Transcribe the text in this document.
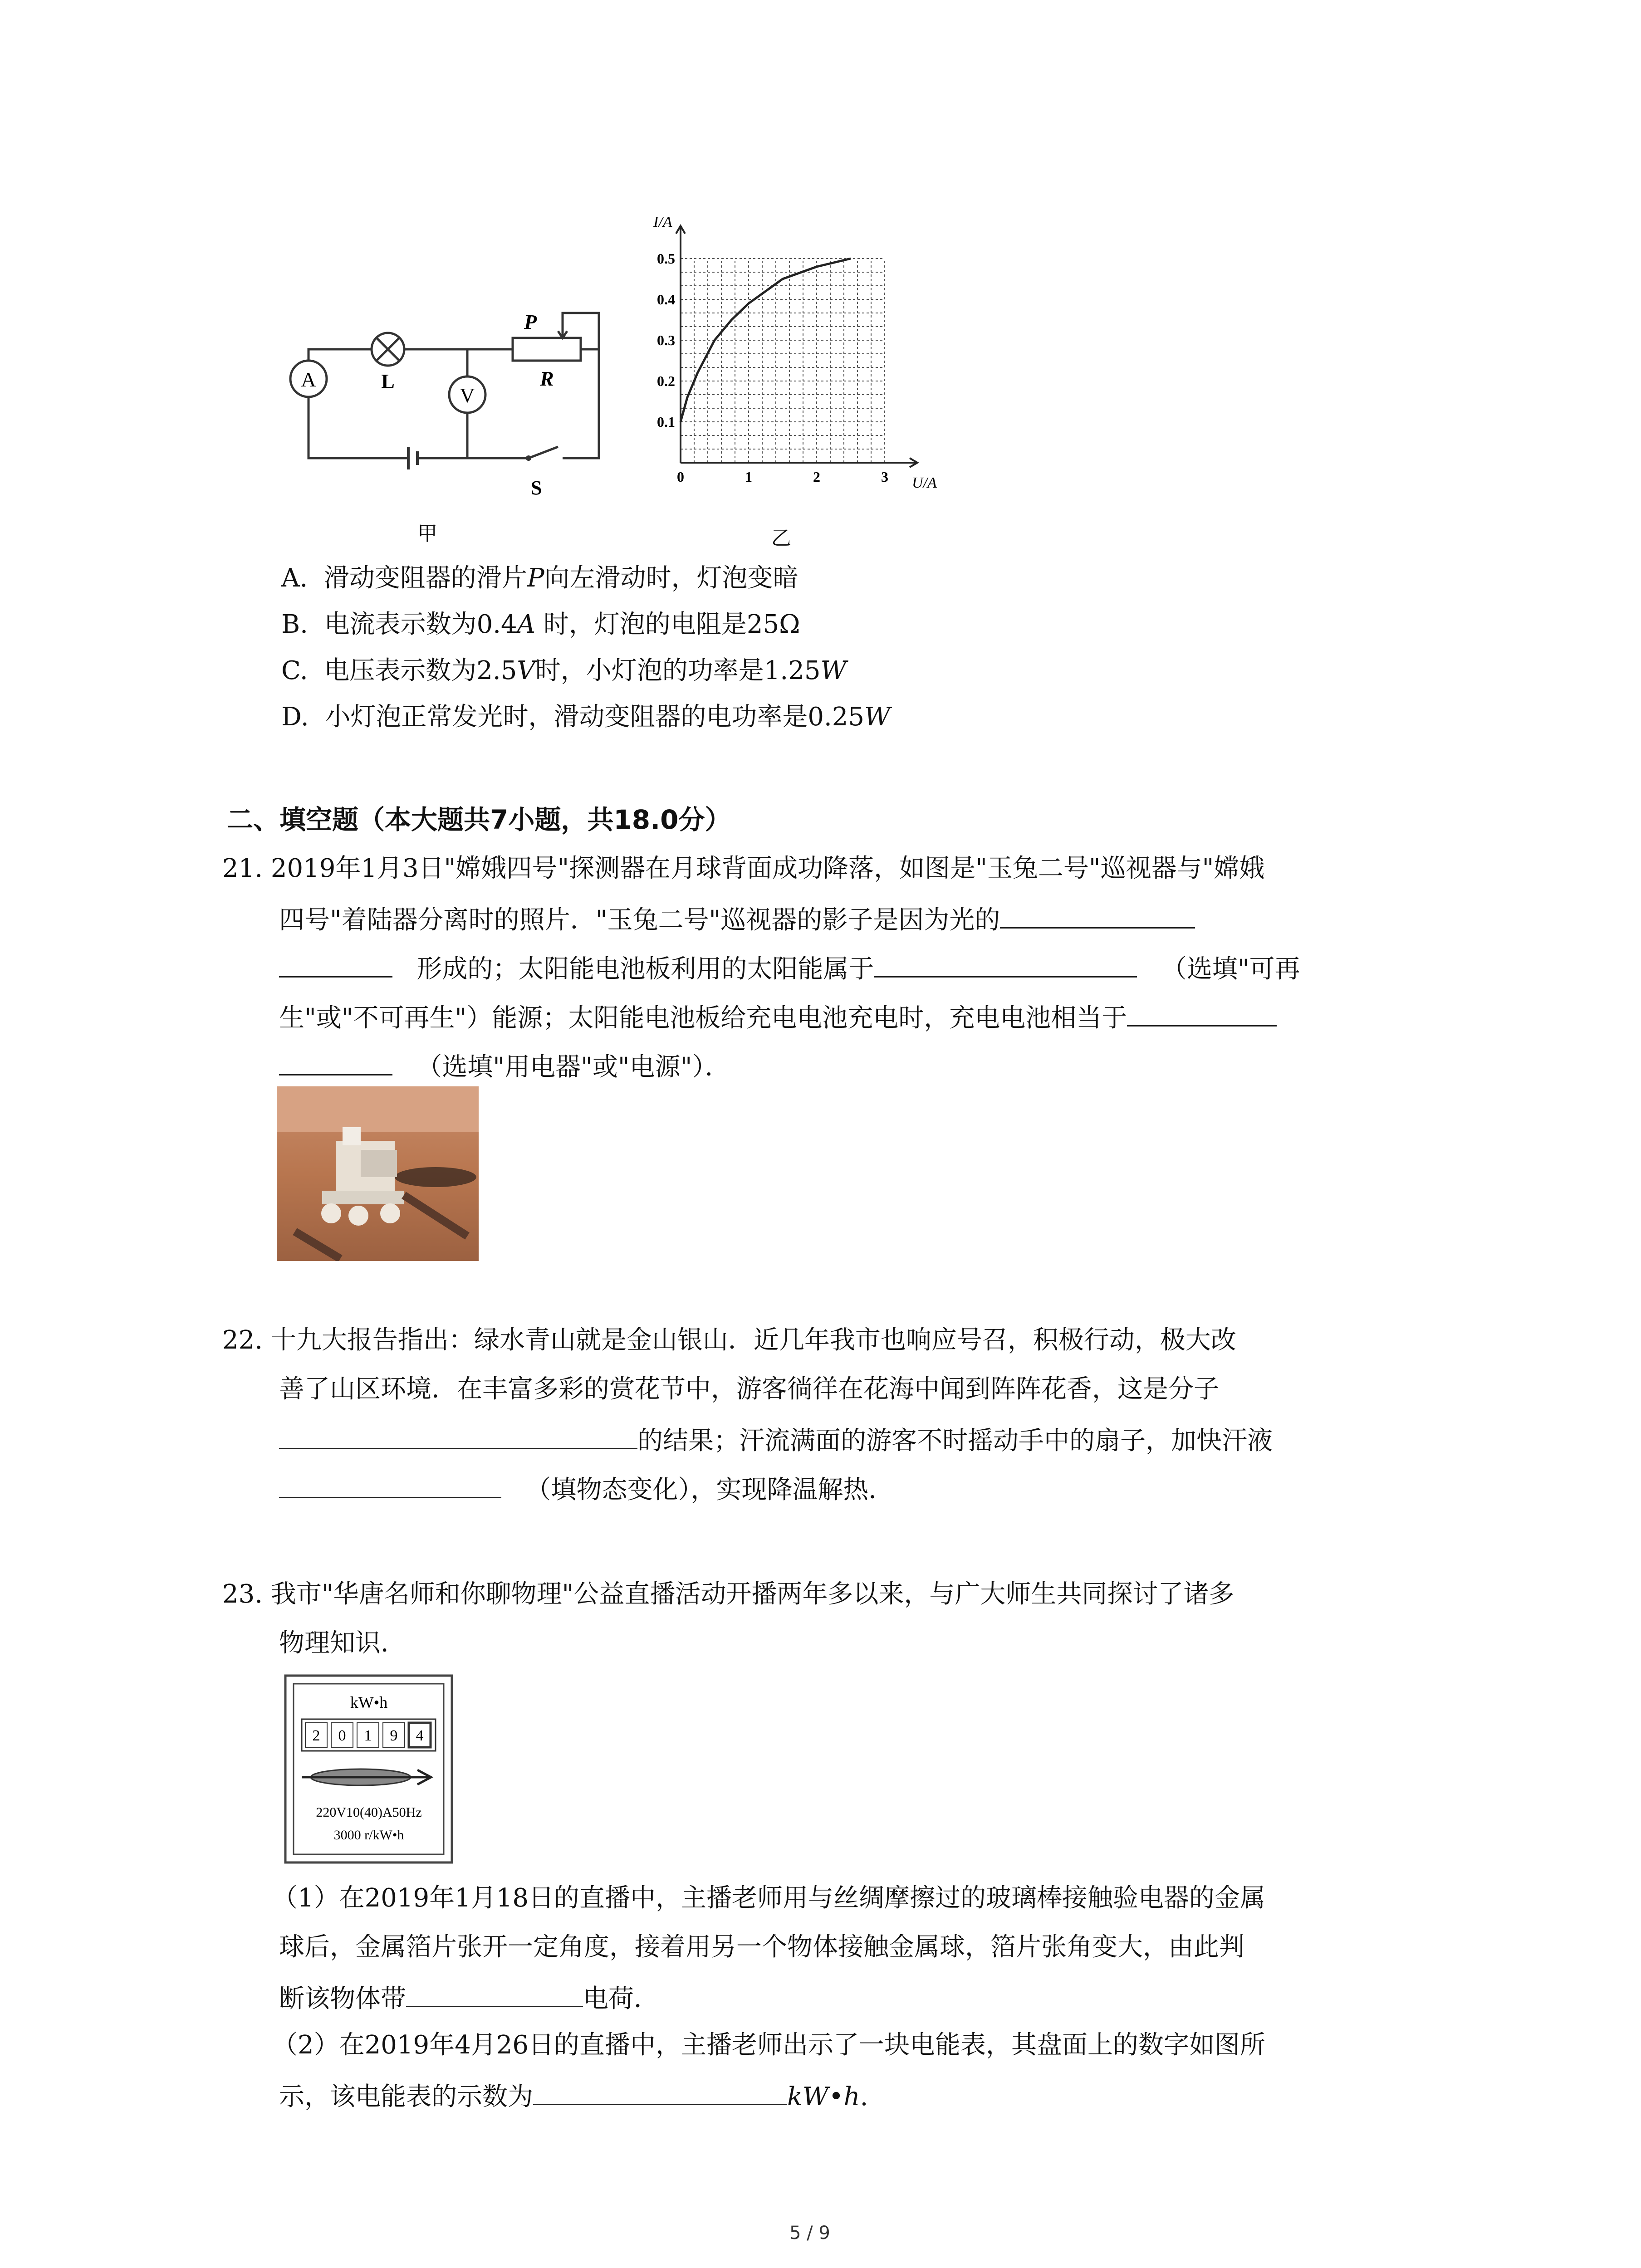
A
V
L
P
R
S
甲
0	1	2	3
0.1
0.2
0.3
0.4
0.5
I/A
U/A
乙
A. 滑动变阻器的滑片P向左滑动时，灯泡变暗
B. 电流表示数为0.4A 时，灯泡的电阻是25Ω
C. 电压表示数为2.5V时，小灯泡的功率是1.25W
D. 小灯泡正常发光时，滑动变阻器的电功率是0.25W
二、填空题（本大题共7小题，共18.0分）
21. 2019年1月3日"嫦娥四号"探测器在月球背面成功降落，如图是"玉兔二号"巡视器与"嫦娥
四号"着陆器分离时的照片．"玉兔二号"巡视器的影子是因为光的
形成的；太阳能电池板利用的太阳能属于	（选填"可再
生"或"不可再生"）能源；太阳能电池板给充电电池充电时，充电电池相当于
（选填"用电器"或"电源"）．
22. 十九大报告指出：绿水青山就是金山银山．近几年我市也响应号召，积极行动，极大改
善了山区环境．在丰富多彩的赏花节中，游客徜徉在花海中闻到阵阵花香，这是分子
的结果；汗流满面的游客不时摇动手中的扇子，加快汗液
（填物态变化），实现降温解热．
23. 我市"华唐名师和你聊物理"公益直播活动开播两年多以来，与广大师生共同探讨了诸多
物理知识．
kW•h
2 0 1 9 4
220V10(40)A50Hz
3000 r/kW•h
（1）在2019年1月18日的直播中，主播老师用与丝绸摩擦过的玻璃棒接触验电器的金属
球后，金属箔片张开一定角度，接着用另一个物体接触金属球，箔片张角变大，由此判
断该物体带	电荷．
（2）在2019年4月26日的直播中，主播老师出示了一块电能表，其盘面上的数字如图所
示，该电能表的示数为	kW•h.
5 / 9
